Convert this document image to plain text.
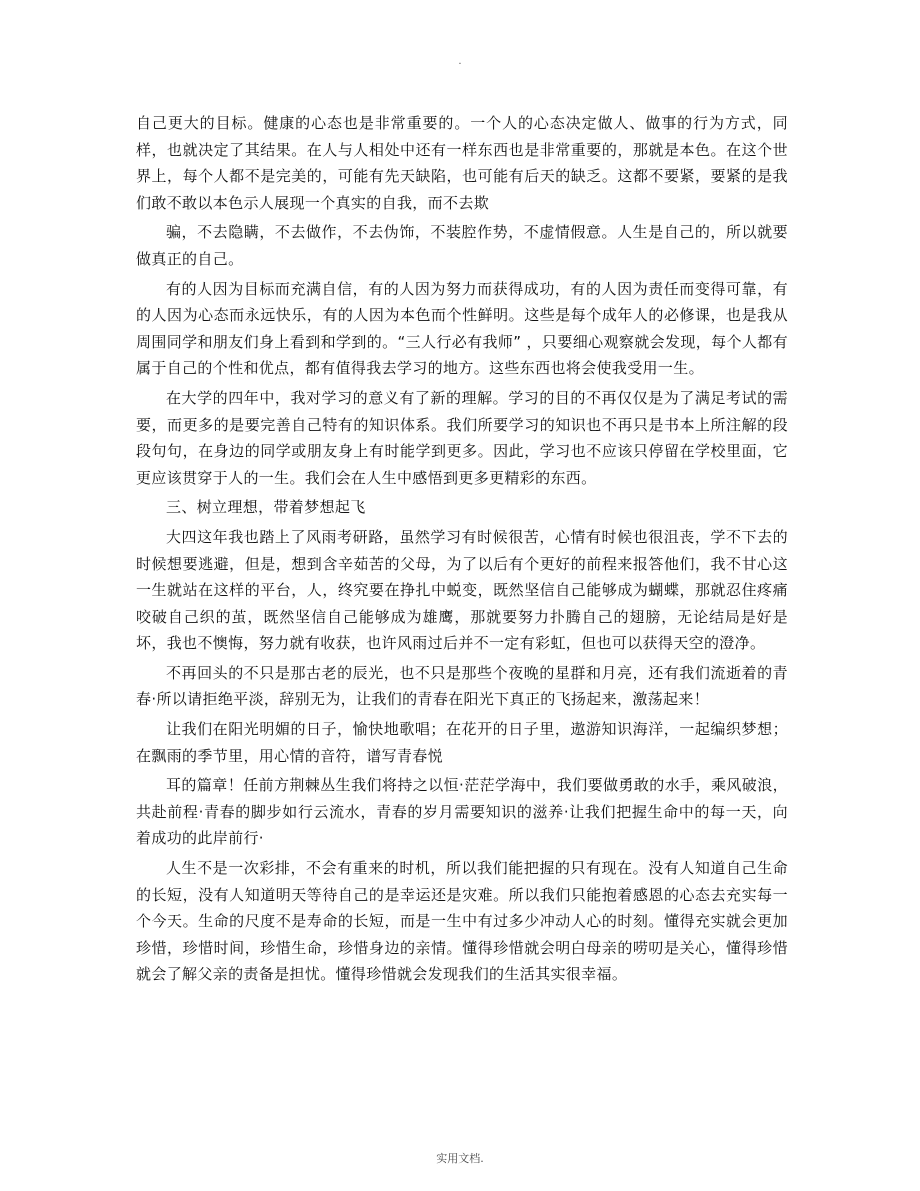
.

自己更大的目标。健康的心态也是非常重要的。一个人的心态决定做人、做事的行为方式，同样，也就决定了其结果。在人与人相处中还有一样东西也是非常重要的，那就是本色。在这个世界上，每个人都不是完美的，可能有先天缺陷，也可能有后天的缺乏。这都不要紧，要紧的是我们敢不敢以本色示人展现一个真实的自我，而不去欺

骗，不去隐瞒，不去做作，不去伪饰，不装腔作势，不虚情假意。人生是自己的，所以就要做真正的自己。

有的人因为目标而充满自信，有的人因为努力而获得成功，有的人因为责任而变得可靠，有的人因为心态而永远快乐，有的人因为本色而个性鲜明。这些是每个成年人的必修课，也是我从周围同学和朋友们身上看到和学到的。“三人行必有我师” ，只要细心观察就会发现，每个人都有属于自己的个性和优点，都有值得我去学习的地方。这些东西也将会使我受用一生。

在大学的四年中，我对学习的意义有了新的理解。学习的目的不再仅仅是为了满足考试的需要，而更多的是要完善自己特有的知识体系。我们所要学习的知识也不再只是书本上所注解的段段句句，在身边的同学或朋友身上有时能学到更多。因此，学习也不应该只停留在学校里面，它更应该贯穿于人的一生。我们会在人生中感悟到更多更精彩的东西。

三、树立理想，带着梦想起飞

大四这年我也踏上了风雨考研路，虽然学习有时候很苦，心情有时候也很沮丧，学不下去的时候想要逃避，但是，想到含辛茹苦的父母，为了以后有个更好的前程来报答他们，我不甘心这一生就站在这样的平台，人，终究要在挣扎中蜕变，既然坚信自己能够成为蝴蝶，那就忍住疼痛咬破自己织的茧，既然坚信自己能够成为雄鹰，那就要努力扑腾自己的翅膀，无论结局是好是坏，我也不懊悔，努力就有收获，也许风雨过后并不一定有彩虹，但也可以获得天空的澄净。

不再回头的不只是那古老的辰光，也不只是那些个夜晚的星群和月亮，还有我们流逝着的青春·所以请拒绝平淡，辞别无为，让我们的青春在阳光下真正的飞扬起来，激荡起来！

让我们在阳光明媚的日子，愉快地歌唱；在花开的日子里，遨游知识海洋，一起编织梦想；在飘雨的季节里，用心情的音符，谱写青春悦

耳的篇章！任前方荆棘丛生我们将持之以恒·茫茫学海中，我们要做勇敢的水手，乘风破浪，共赴前程·青春的脚步如行云流水，青春的岁月需要知识的滋养·让我们把握生命中的每一天，向着成功的此岸前行·

人生不是一次彩排，不会有重来的时机，所以我们能把握的只有现在。没有人知道自己生命的长短，没有人知道明天等待自己的是幸运还是灾难。所以我们只能抱着感恩的心态去充实每一个今天。生命的尺度不是寿命的长短，而是一生中有过多少冲动人心的时刻。懂得充实就会更加珍惜，珍惜时间，珍惜生命，珍惜身边的亲情。懂得珍惜就会明白母亲的唠叨是关心，懂得珍惜就会了解父亲的责备是担忧。懂得珍惜就会发现我们的生活其实很幸福。

实用文档.
